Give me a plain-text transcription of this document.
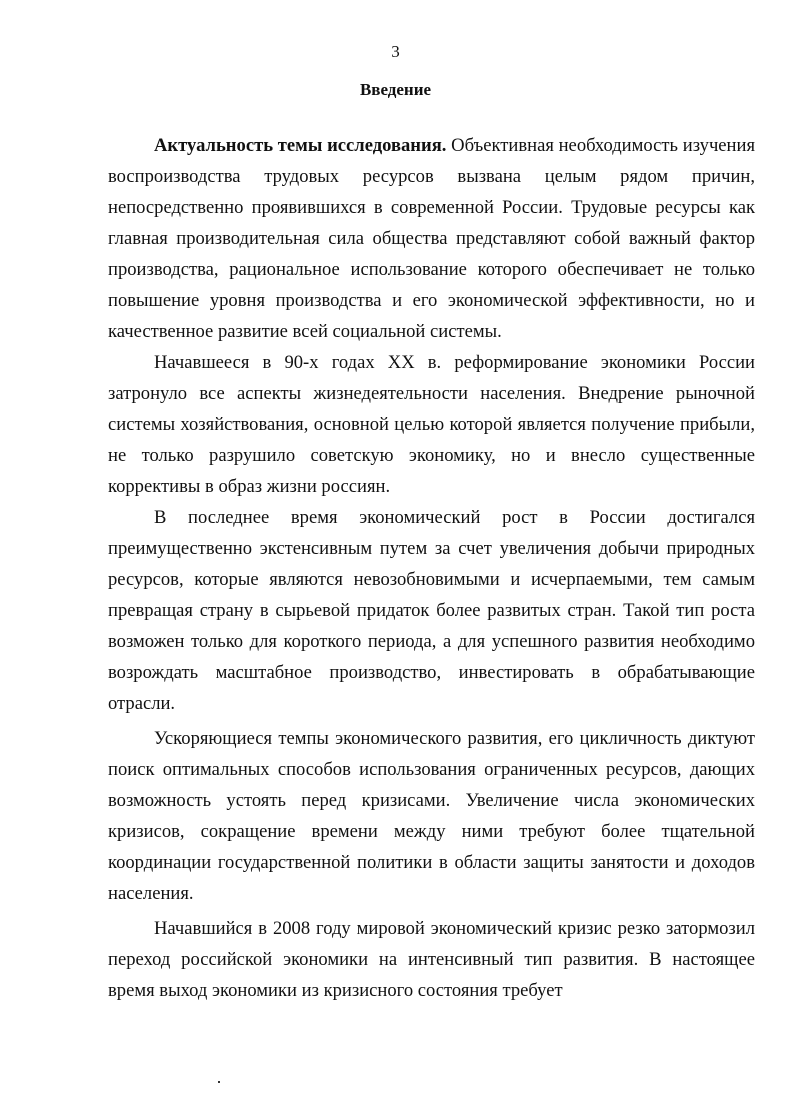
3
Введение

Актуальность темы исследования. Объективная необходимость изучения воспроизводства трудовых ресурсов вызвана целым рядом причин, непосредственно проявившихся в современной России. Трудовые ресурсы как главная производительная сила общества представляют собой важный фактор производства, рациональное использование которого обеспечивает не только повышение уровня производства и его экономической эффективности, но и качественное развитие всей социальной системы.

Начавшееся в 90-х годах XX в. реформирование экономики России затронуло все аспекты жизнедеятельности населения. Внедрение рыночной системы хозяйствования, основной целью которой является получение прибыли, не только разрушило советскую экономику, но и внесло существенные коррективы в образ жизни россиян.

В последнее время экономический рост в России достигался преимущественно экстенсивным путем за счет увеличения добычи природных ресурсов, которые являются невозобновимыми и исчерпаемыми, тем самым превращая страну в сырьевой придаток более развитых стран. Такой тип роста возможен только для короткого периода, а для успешного развития необходимо возрождать масштабное производство, инвестировать в обрабатывающие отрасли.

Ускоряющиеся темпы экономического развития, его цикличность диктуют поиск оптимальных способов использования ограниченных ресурсов, дающих возможность устоять перед кризисами. Увеличение числа экономических кризисов, сокращение времени между ними требуют более тщательной координации государственной политики в области защиты занятости и доходов населения.

Начавшийся в 2008 году мировой экономический кризис резко затормозил переход российской экономики на интенсивный тип развития. В настоящее время выход экономики из кризисного состояния требует
